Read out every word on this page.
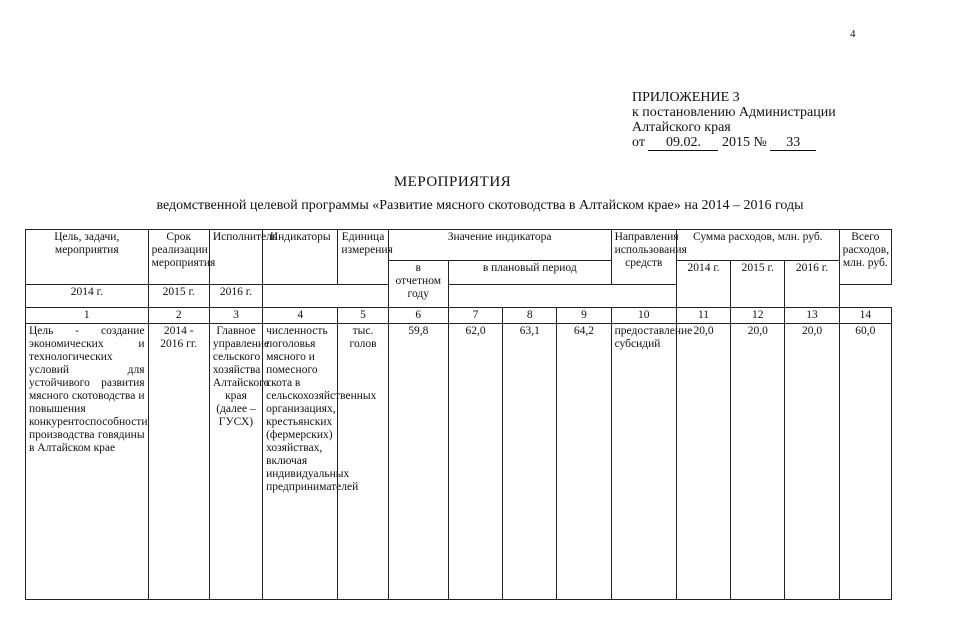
4
ПРИЛОЖЕНИЕ 3
к постановлению Администрации
Алтайского края
от 09.02. 2015 № 33
МЕРОПРИЯТИЯ
ведомственной целевой программы «Развитие мясного скотоводства в Алтайском крае» на 2014 – 2016 годы
Цель, задачи, мероприятия	Срок реализации мероприятия	Исполнитель	Индикаторы	Единица измерения	Значение индикатора				Направления использования средств	Сумма расходов, млн. руб.			Всего расходов, млн. руб.
					в отчетном году	в плановый период				2014 г.	2015 г.	2016 г.	
2014 г.	2015 г.	2016 г.											
1	2	3	4	5	6	7	8	9	10	11	12	13	14
Цель - создание экономических и технологических условий для устойчивого развития мясного скотоводства и повышения конкурентоспособности производства говядины в Алтайском крае	2014 - 2016 гг.	Главное управление сельского хозяйства Алтайского края (далее – ГУСХ)	численность поголовья мясного и помесного скота в сельскохозяйственных организациях, крестьянских (фермерских) хозяйствах, включая индивидуальных предпринимателей	тыс. голов	59,8	62,0	63,1	64,2	предоставление субсидий	20,0	20,0	20,0	60,0
